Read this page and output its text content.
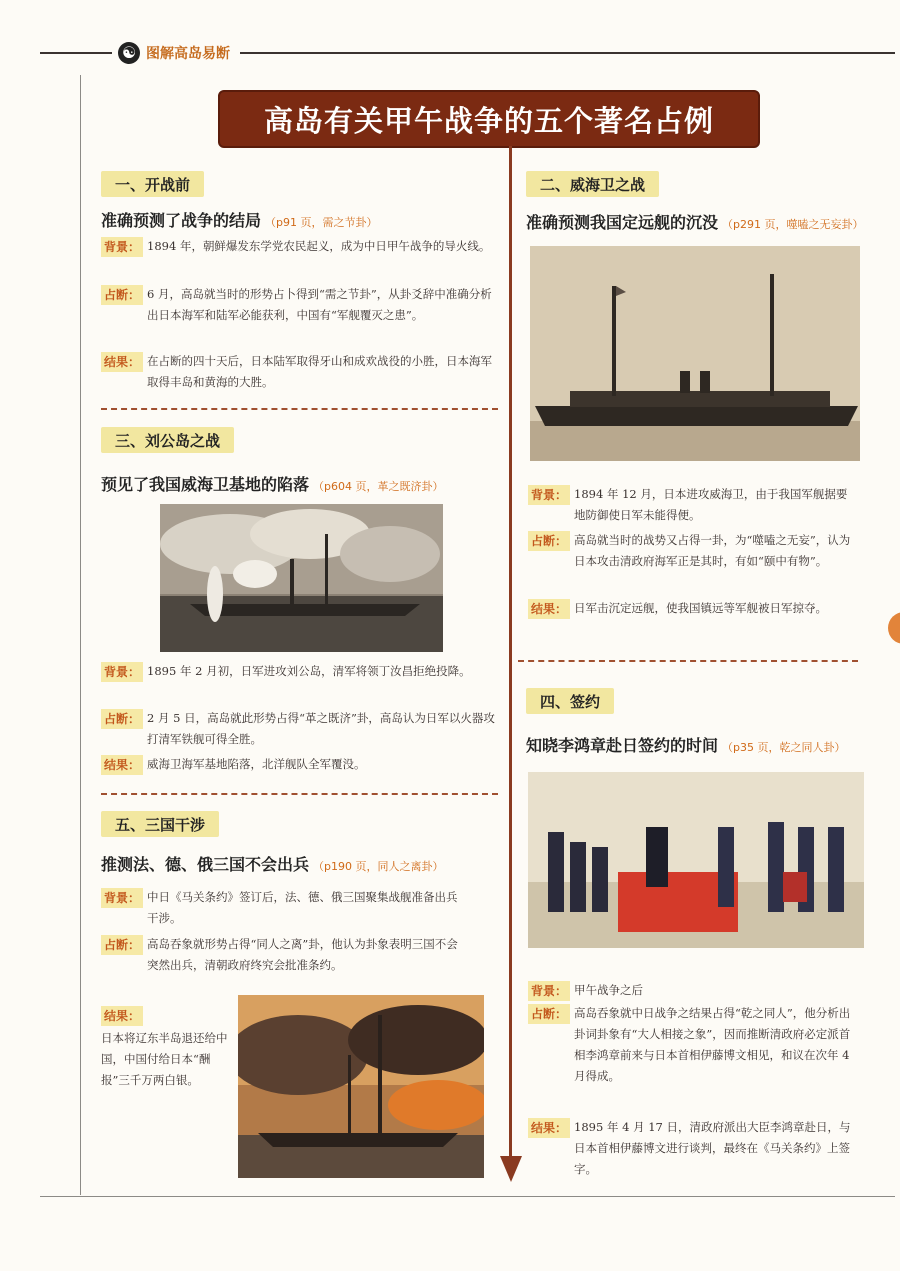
☯ 图解高岛易断
高岛有关甲午战争的五个著名占例
一、开战前
准确预测了战争的结局 （p91 页，需之节卦）
背景： 1894 年，朝鲜爆发东学党农民起义，成为中日甲午战争的导火线。
占断： 6 月，高岛就当时的形势占卜得到“需之节卦”，从卦爻辞中准确分析出日本海军和陆军必能获利，中国有“军舰覆灭之患”。
结果： 在占断的四十天后，日本陆军取得牙山和成欢战役的小胜，日本海军取得丰岛和黄海的大胜。
三、刘公岛之战
预见了我国威海卫基地的陷落 （p604 页，革之既济卦）
背景： 1895 年 2 月初，日军进攻刘公岛，清军将领丁汝昌拒绝投降。
占断： 2 月 5 日，高岛就此形势占得“革之既济”卦，高岛认为日军以火器攻打清军铁舰可得全胜。
结果： 威海卫海军基地陷落，北洋舰队全军覆没。
五、三国干涉
推测法、德、俄三国不会出兵 （p190 页，同人之离卦）
背景： 中日《马关条约》签订后，法、德、俄三国聚集战舰准备出兵干涉。
占断： 高岛吞象就形势占得“同人之离”卦，他认为卦象表明三国不会突然出兵，清朝政府终究会批准条约。
结果：
日本将辽东半岛退还给中国，中国付给日本“酬报”三千万两白银。
二、威海卫之战
准确预测我国定远舰的沉没 （p291 页，噬嗑之无妄卦）
背景： 1894 年 12 月，日本进攻威海卫，由于我国军舰据要地防御使日军未能得便。
占断： 高岛就当时的战势又占得一卦，为“噬嗑之无妄”，认为日本攻击清政府海军正是其时，有如“颐中有物”。
结果： 日军击沉定远舰，使我国镇远等军舰被日军掠夺。
四、签约
知晓李鸿章赴日签约的时间 （p35 页，乾之同人卦）
背景： 甲午战争之后
占断： 高岛吞象就中日战争之结果占得“乾之同人”，他分析出卦词卦象有“大人相接之象”，因而推断清政府必定派首相李鸿章前来与日本首相伊藤博文相见，和议在次年 4 月得成。
结果： 1895 年 4 月 17 日，清政府派出大臣李鸿章赴日，与日本首相伊藤博文进行谈判，最终在《马关条约》上签字。
